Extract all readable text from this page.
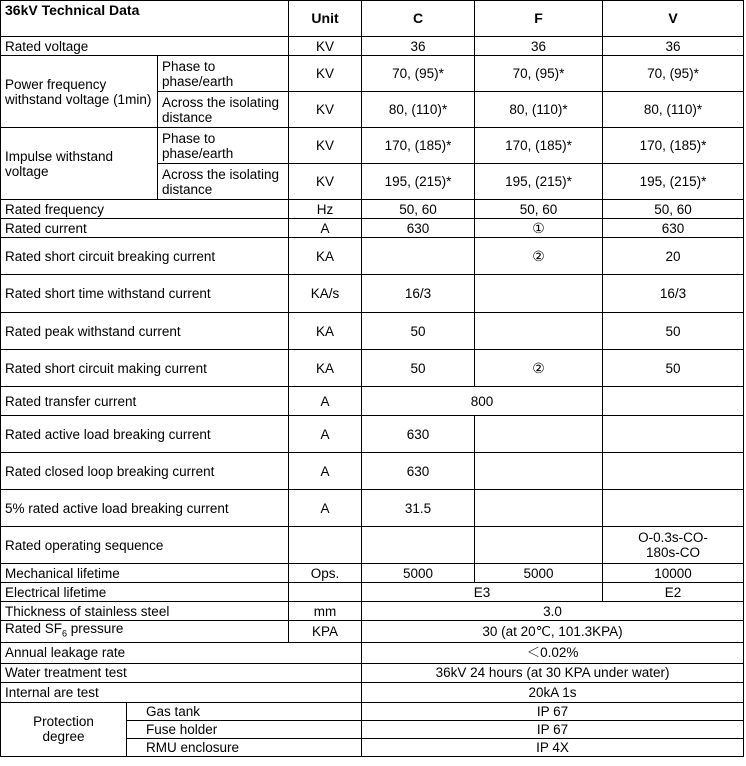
36kV Technical Data			Unit	C	F	V
Rated voltage			KV	36	36	36
Power frequency withstand voltage (1min)		Phase to phase/earth	KV	70, (95)*	70, (95)*	70, (95)*
		Across the isolating distance	KV	80, (110)*	80, (110)*	80, (110)*
Impulse withstand voltage		Phase to phase/earth	KV	170, (185)*	170, (185)*	170, (185)*
		Across the isolating distance	KV	195, (215)*	195, (215)*	195, (215)*
Rated frequency			Hz	50, 60	50, 60	50, 60
Rated current			A	630	①	630
Rated short circuit breaking current			KA		②	20
Rated short time withstand current			KA/s	16/3		16/3
Rated peak withstand current			KA	50		50
Rated short circuit making current			KA	50	②	50
Rated transfer current			A	800		
Rated active load breaking current			A	630		
Rated closed loop breaking current			A	630		
5% rated active load breaking current			A	31.5		
Rated operating sequence						O-0.3s-CO-180s-CO
Mechanical lifetime			Ops.	5000	5000	10000
Electrical lifetime				E3		E2
Thickness of stainless steel			mm	3.0		
Rated $SF_6$ pressure			KPA	30 (at 20℃, 101.3KPA)		
Annual leakage rate				＜0.02%		
Water treatment test				36kV 24 hours (at 30 KPA under water)		
Internal are test				20kA 1s		
Protection degree	Gas tank			IP 67		
	Fuse holder			IP 67		
	RMU enclosure			IP 4X		
